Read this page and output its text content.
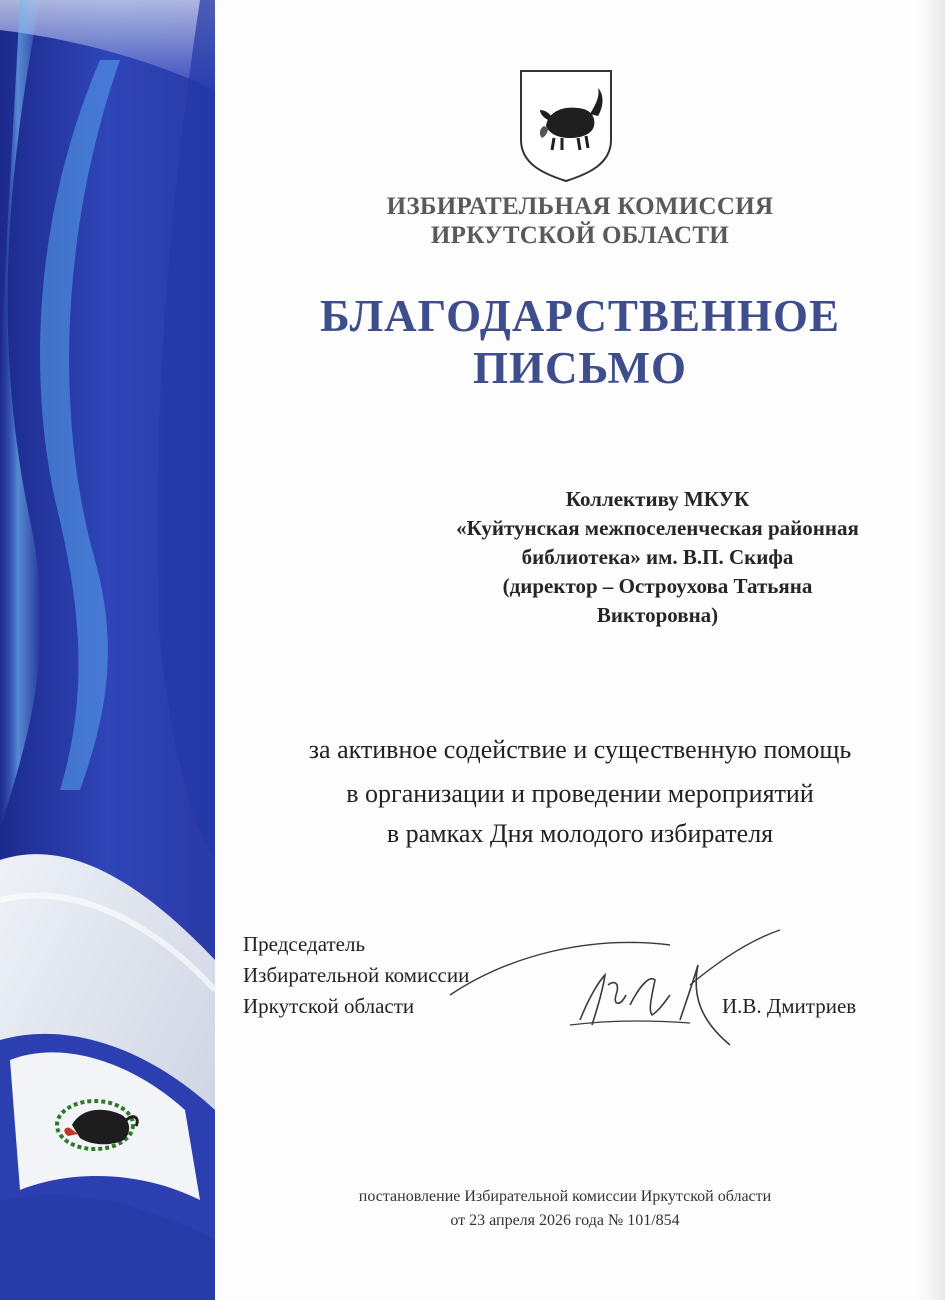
ИЗБИРАТЕЛЬНАЯ КОМИССИЯ
ИРКУТСКОЙ ОБЛАСТИ
БЛАГОДАРСТВЕННОЕ
ПИСЬМО
Коллективу МКУК
«Куйтунская межпоселенческая районная
библиотека» им. В.П. Скифа
(директор – Остроухова Татьяна
Викторовна)
за активное содействие и существенную помощь
в организации и проведении мероприятий
в рамках Дня молодого избирателя
Председатель
Избирательной комиссии
Иркутской области	И.В. Дмитриев
постановление Избирательной комиссии Иркутской области
от 23 апреля 2026 года № 101/854
